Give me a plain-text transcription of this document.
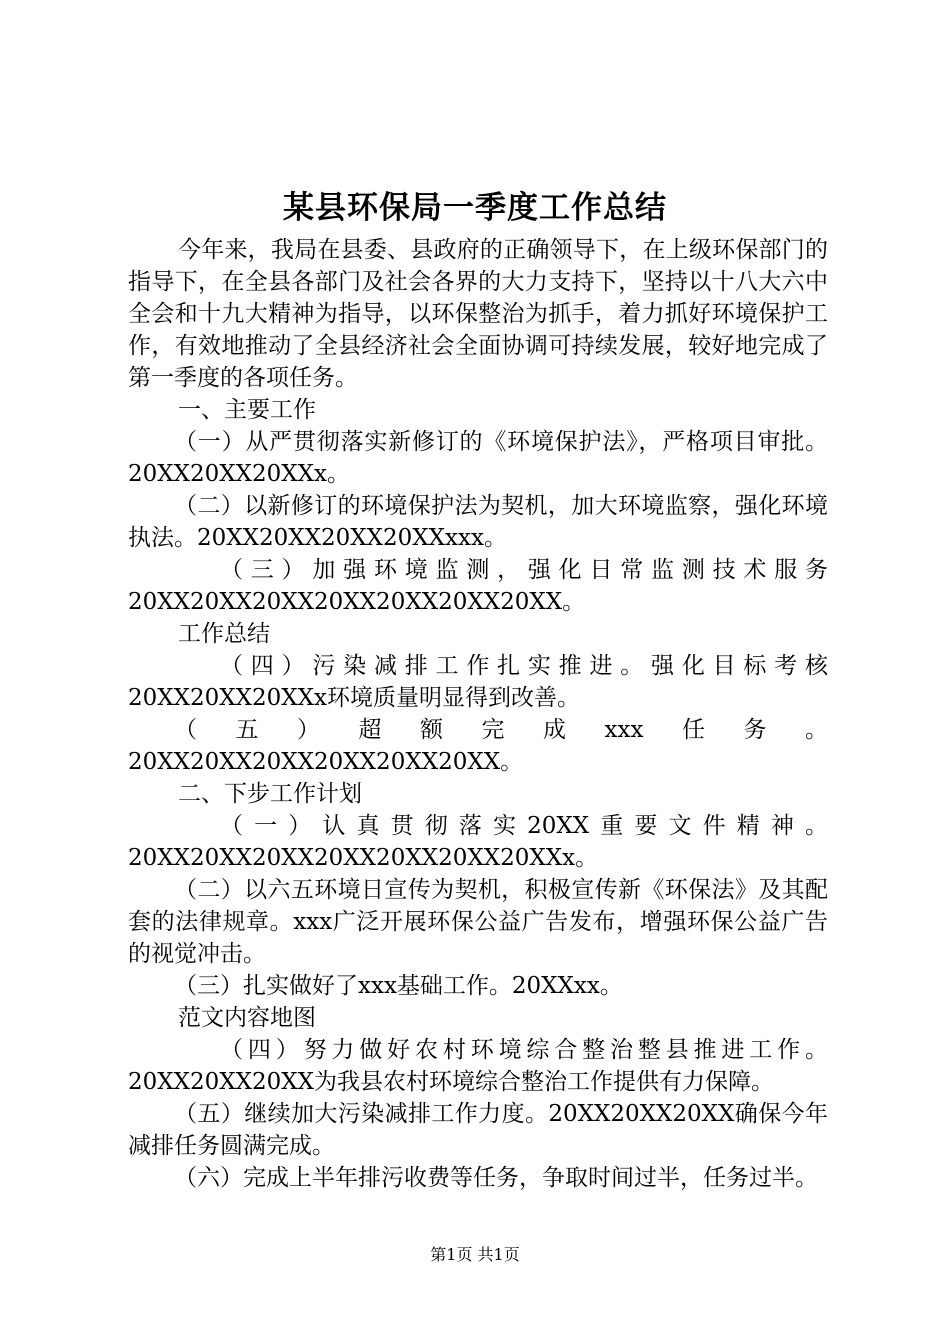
某县环保局一季度工作总结

今年来，我局在县委、县政府的正确领导下，在上级环保部门的指导下，在全县各部门及社会各界的大力支持下，坚持以十八大六中全会和十九大精神为指导，以环保整治为抓手，着力抓好环境保护工作，有效地推动了全县经济社会全面协调可持续发展，较好地完成了第一季度的各项任务。

一、主要工作

（一）从严贯彻落实新修订的《环境保护法》，严格项目审批。20XX20XX20XXx。

（二）以新修订的环境保护法为契机，加大环境监察，强化环境执法。20XX20XX20XX20XXxxx。

（三）加强环境监测，强化日常监测技术服务20XX20XX20XX20XX20XX20XX20XX。

工作总结

（四）污染减排工作扎实推进。强化目标考核20XX20XX20XXx环境质量明显得到改善。

（五）超额完成xxx任务。20XX20XX20XX20XX20XX20XX。

二、下步工作计划

（一）认真贯彻落实20XX重要文件精神。20XX20XX20XX20XX20XX20XX20XXx。

（二）以六五环境日宣传为契机，积极宣传新《环保法》及其配套的法律规章。xxx广泛开展环保公益广告发布，增强环保公益广告的视觉冲击。

（三）扎实做好了xxx基础工作。20XXxx。

范文内容地图

（四）努力做好农村环境综合整治整县推进工作。20XX20XX20XX为我县农村环境综合整治工作提供有力保障。

（五）继续加大污染减排工作力度。20XX20XX20XX确保今年减排任务圆满完成。

（六）完成上半年排污收费等任务，争取时间过半，任务过半。

第1页 共1页
